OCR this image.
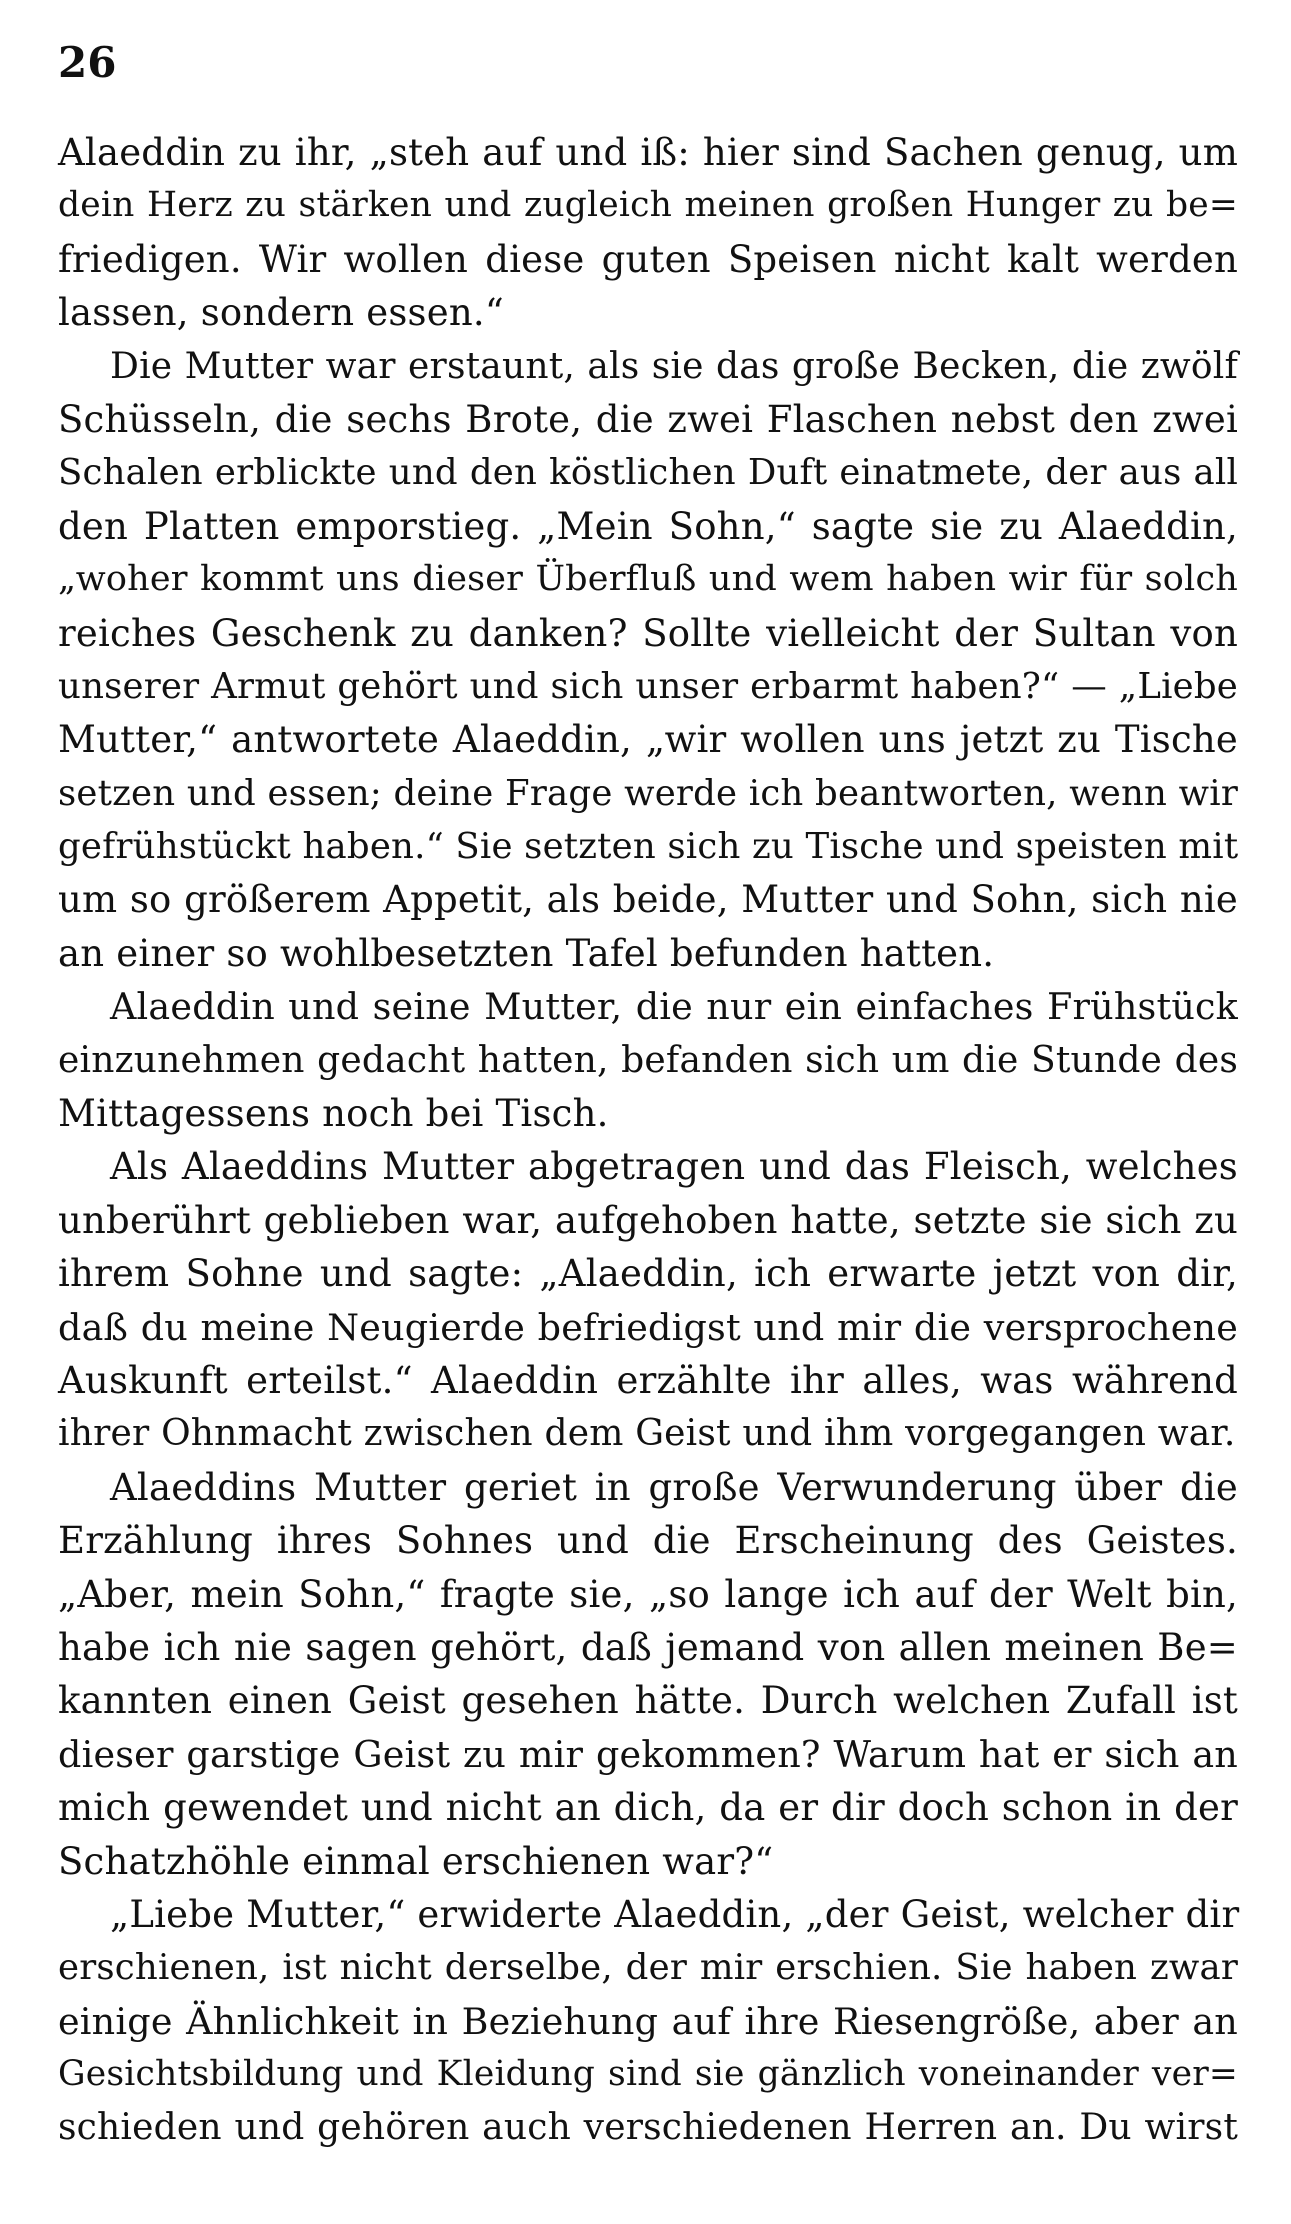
26
Alaeddin zu ihr, „steh auf und iß: hier sind Sachen genug, um
dein Herz zu stärken und zugleich meinen großen Hunger zu be=
friedigen. Wir wollen diese guten Speisen nicht kalt werden
lassen, sondern essen.“
Die Mutter war erstaunt, als sie das große Becken, die zwölf
Schüsseln, die sechs Brote, die zwei Flaschen nebst den zwei
Schalen erblickte und den köstlichen Duft einatmete, der aus all
den Platten emporstieg. „Mein Sohn,“ sagte sie zu Alaeddin,
„woher kommt uns dieser Überfluß und wem haben wir für solch
reiches Geschenk zu danken? Sollte vielleicht der Sultan von
unserer Armut gehört und sich unser erbarmt haben?“ — „Liebe
Mutter,“ antwortete Alaeddin, „wir wollen uns jetzt zu Tische
setzen und essen; deine Frage werde ich beantworten, wenn wir
gefrühstückt haben.“ Sie setzten sich zu Tische und speisten mit
um so größerem Appetit, als beide, Mutter und Sohn, sich nie
an einer so wohlbesetzten Tafel befunden hatten.
Alaeddin und seine Mutter, die nur ein einfaches Frühstück
einzunehmen gedacht hatten, befanden sich um die Stunde des
Mittagessens noch bei Tisch.
Als Alaeddins Mutter abgetragen und das Fleisch, welches
unberührt geblieben war, aufgehoben hatte, setzte sie sich zu
ihrem Sohne und sagte: „Alaeddin, ich erwarte jetzt von dir,
daß du meine Neugierde befriedigst und mir die versprochene
Auskunft erteilst.“ Alaeddin erzählte ihr alles, was während
ihrer Ohnmacht zwischen dem Geist und ihm vorgegangen war.
Alaeddins Mutter geriet in große Verwunderung über die
Erzählung ihres Sohnes und die Erscheinung des Geistes.
„Aber, mein Sohn,“ fragte sie, „so lange ich auf der Welt bin,
habe ich nie sagen gehört, daß jemand von allen meinen Be=
kannten einen Geist gesehen hätte. Durch welchen Zufall ist
dieser garstige Geist zu mir gekommen? Warum hat er sich an
mich gewendet und nicht an dich, da er dir doch schon in der
Schatzhöhle einmal erschienen war?“
„Liebe Mutter,“ erwiderte Alaeddin, „der Geist, welcher dir
erschienen, ist nicht derselbe, der mir erschien. Sie haben zwar
einige Ähnlichkeit in Beziehung auf ihre Riesengröße, aber an
Gesichtsbildung und Kleidung sind sie gänzlich voneinander ver=
schieden und gehören auch verschiedenen Herren an. Du wirst
